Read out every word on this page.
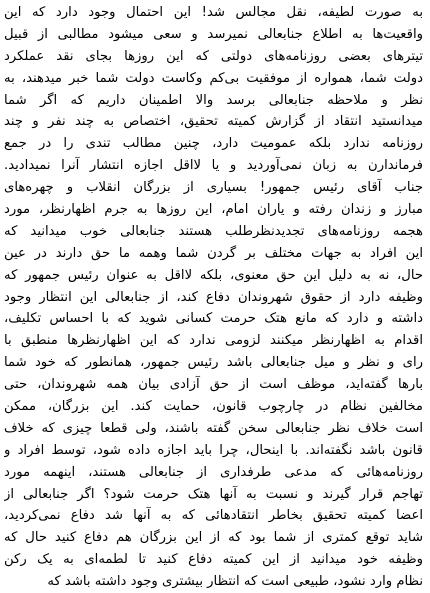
به صورت لطیفه، نقل مجالس شد! این احتمال وجود دارد که این
واقعیت‌ها به اطلاع جنابعالی نمیرسد و سعی میشود مطالبی از قبیل
تیترهای بعضی روزنامه‌های دولتی که این روزها بجای نقد عملکرد
دولت شما، همواره از موفقیت بی‌کم وکاست دولت شما خبر میدهند، به
نظر و ملاحظه جنابعالی برسد والا اطمینان داریم که اگر شما
میدانستید انتقاد از گزارش کمیته تحقیق، اختصاص به چند نفر و چند
روزنامه ندارد بلکه عمومیت دارد، چنین مطالب تندی را در جمع
فرماندارن به زبان نمی‌آوردید و یا لااقل اجازه انتشار آنرا نمیدادید.
جناب آقای رئیس جمهور! بسیاری از بزرگان انقلاب و چهره‌های
مبارز و زندان رفته و یاران امام، این روزها به جرم اظهارنظر، مورد
هجمه روزنامه‌های تجدیدنظرطلب هستند جنابعالی خوب میدانید که
این افراد به جهات مختلف بر گردن شما وهمه ما حق دارند در عین
حال، نه به دلیل این حق معنوی، بلکه لااقل به عنوان رئیس جمهور که
وظیفه دارد از حقوق شهروندان دفاع کند، از جنابعالی این انتظار وجود
داشته و دارد که مانع هتک حرمت کسانی شوید که با احساس تکلیف،
اقدام به اظهارنظر میکنند لزومی ندارد که این اظهارنظرها منطبق با
رای و نظر و میل جنابعالی باشد رئیس جمهور، همانطور که خود شما
بارها گفته‌اید، موظف است از حق آزادی بیان همه شهروندان، حتی
مخالفین نظام در چارچوب قانون، حمایت کند. این بزرگان، ممکن
است خلاف نظر جنابعالی سخن گفته باشند، ولی قطعا چیزی که خلاف
قانون باشد نگفته‌اند. با اینحال، چرا باید اجازه داده شود، توسط افراد و
روزنامه‌هائی که مدعی طرفداری از جنابعالی هستند، اینهمه مورد
تهاجم قرار گیرند و نسبت به آنها هتک حرمت شود؟ اگر جنابعالی از
اعضا کمیته تحقیق بخاطر انتقادهائی که به آنها شد دفاع نمی‌کردید،
شاید توقع کمتری از شما بود که از این بزرگان هم دفاع کنید حال که
وظیفه خود میدانید از این کمیته دفاع کنید تا لطمه‌ای به یک رکن
نظام وارد نشود، طبیعی است که انتظار بیشتری وجود داشته باشد که
